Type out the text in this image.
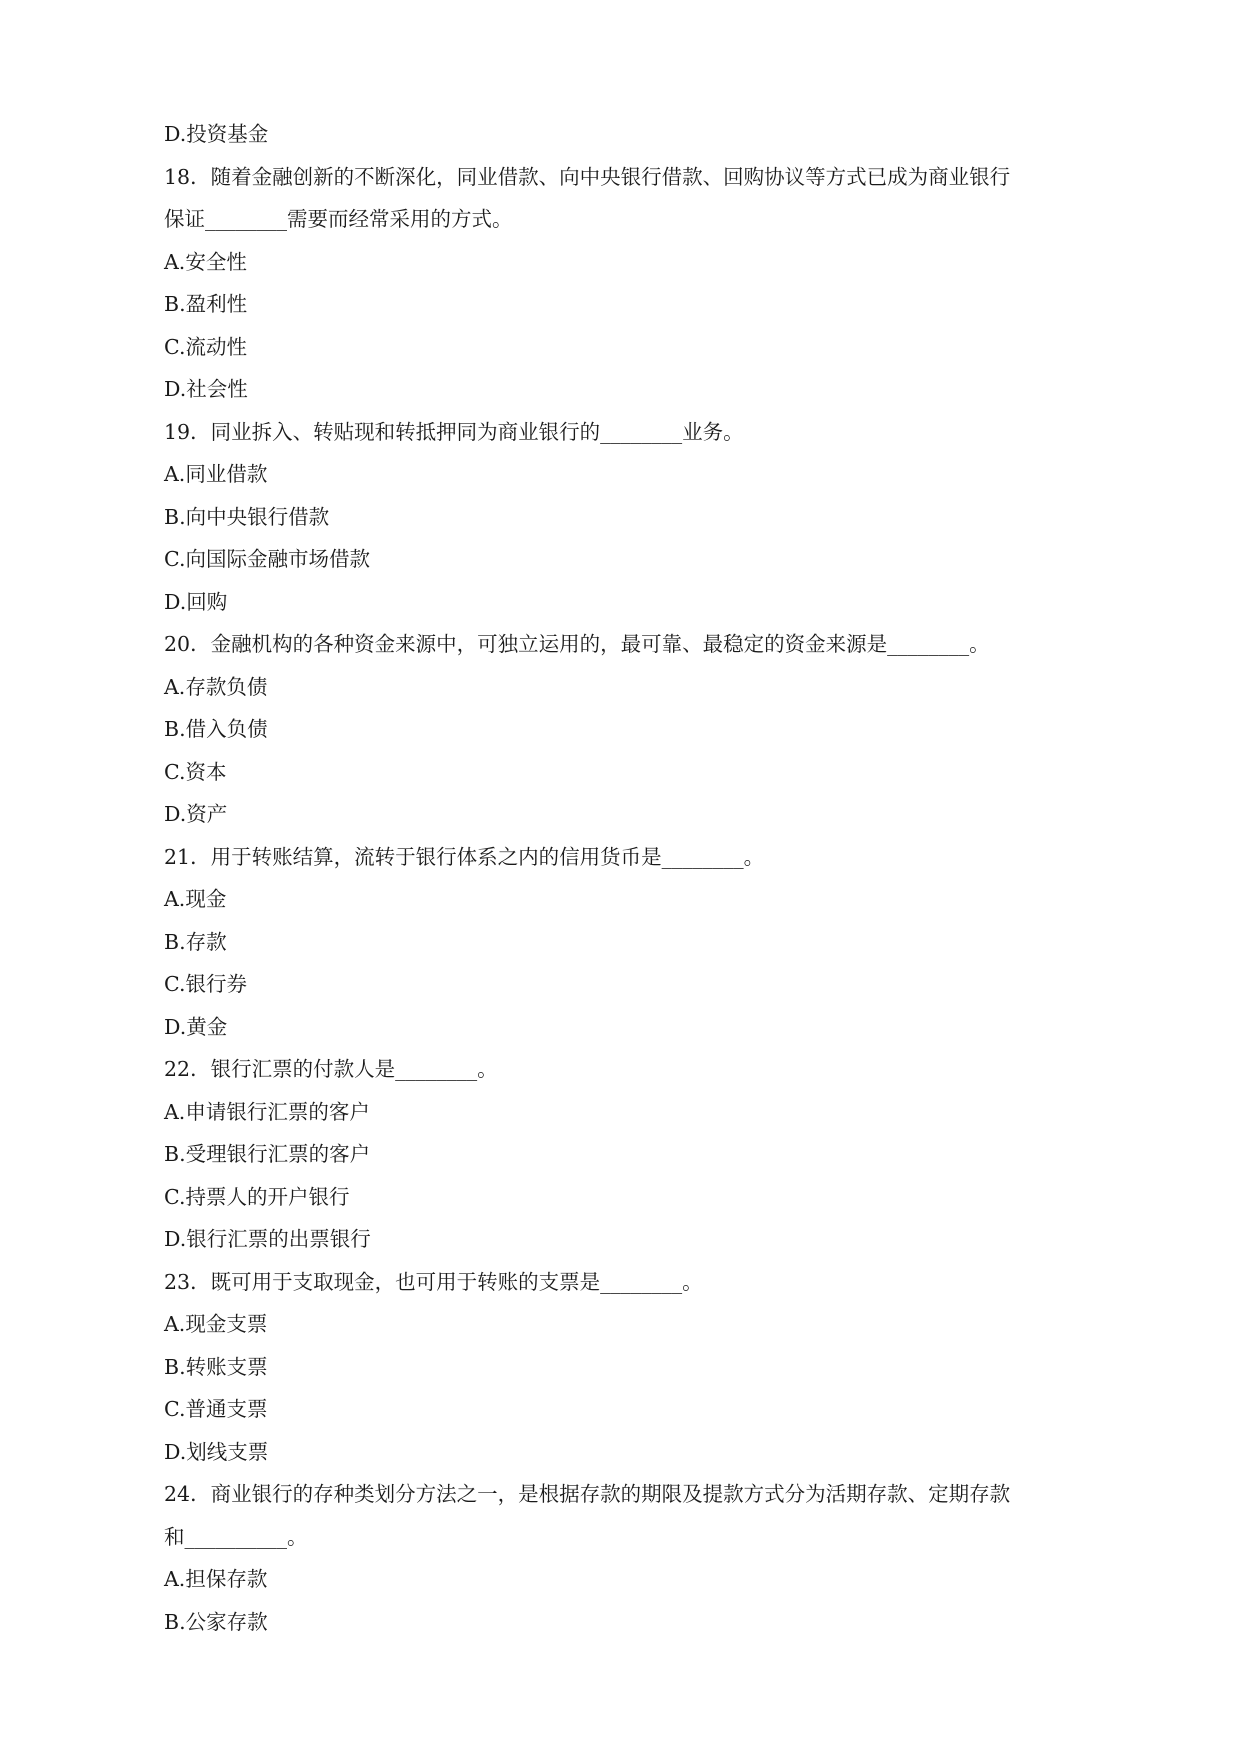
D.投资基金
18．随着金融创新的不断深化，同业借款、向中央银行借款、回购协议等方式已成为商业银行
保证________需要而经常采用的方式。
A.安全性
B.盈利性
C.流动性
D.社会性
19．同业拆入、转贴现和转抵押同为商业银行的________业务。
A.同业借款
B.向中央银行借款
C.向国际金融市场借款
D.回购
20．金融机构的各种资金来源中，可独立运用的，最可靠、最稳定的资金来源是________。
A.存款负债
B.借入负债
C.资本
D.资产
21．用于转账结算，流转于银行体系之内的信用货币是________。
A.现金
B.存款
C.银行券
D.黄金
22．银行汇票的付款人是________。
A.申请银行汇票的客户
B.受理银行汇票的客户
C.持票人的开户银行
D.银行汇票的出票银行
23．既可用于支取现金，也可用于转账的支票是________。
A.现金支票
B.转账支票
C.普通支票
D.划线支票
24．商业银行的存种类划分方法之一，是根据存款的期限及提款方式分为活期存款、定期存款
和__________。
A.担保存款
B.公家存款
